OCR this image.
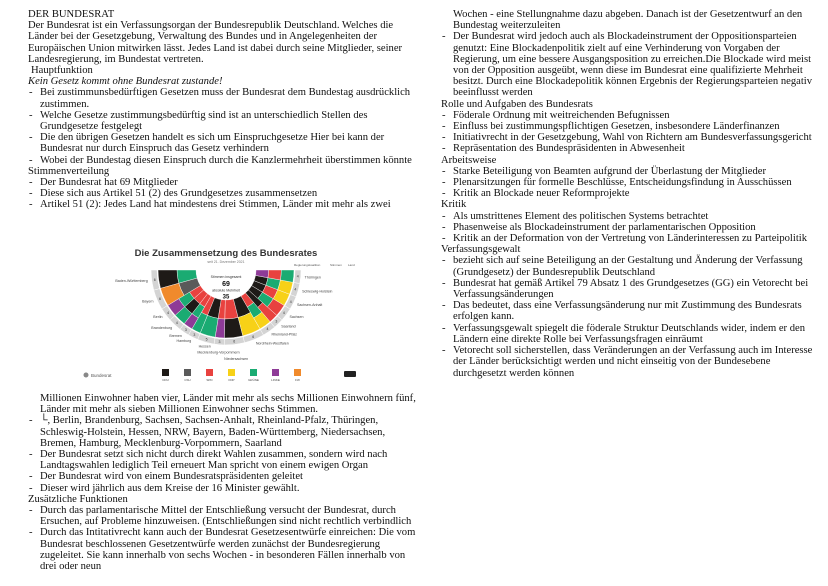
DER BUNDESRAT

Der Bundesrat ist ein Verfassungsorgan der Bundesrepublik Deutschland. Welches die Länder bei der Gesetzgebung, Verwaltung des Bundes und in Angelegenheiten der Europäischen Union mitwirken lässt. Jedes Land ist dabei durch seine Mitglieder, seiner Landesregierung, im Bundestat vertreten.

Hauptfunktion

Kein Gesetz kommt ohne Bundesrat zustande!

- Bei zustimmunsbedürftigen Gesetzen muss der Bundesrat dem Bundestag ausdrücklich zustimmen.

- Welche Gesetze zustimmungsbedürftig sind ist an unterschiedlich Stellen des Grundgesetze festgelegt

- Die den übrigen Gesetzen handelt es sich um Einspruchgesetze Hier bei kann der Bundesrat nur durch Einspruch das Gesetz verhindern

- Wobei der Bundestag diesen Einspruch durch die Kanzlermehrheit überstimmen könnte

Stimmenverteilung

- Der Bundesrat hat 69 Mitglieder

- Diese sich aus Artikel 51 (2) des Grundgesetzes zusammensetzen

- Artikel 51 (2): Jedes Land hat mindestens drei Stimmen, Länder mit mehr als zwei

Die Zusammensetzung des Bundesrates
seit 21. Dezember 2021
6
Baden-Württemberg
6
Bayern
4
Berlin
4
Brandenburg
3
Bremen	3
Hamburg	5
Hessen
3
Mecklenburg-Vorpommern
6
Niedersachsen
6
Nordrhein-Westfalen
4
Rheinland-Pfalz
3
Saarland
4
Sachsen
4
Sachsen-Anhalt
4 Schleswig-Holstein
4 Thüringen
Regierungskoalition	Stimmen Land
Stimmen insgesamt
69
absolute Mehrheit
35
CDU	CSU	SPD	FDP	GRÜNE	LINKE	FW
Bundesrat

Millionen Einwohner haben vier, Länder mit mehr als sechs Millionen Einwohnern fünf, Länder mit mehr als sieben Millionen Einwohner sechs Stimmen.

- └, Berlin, Brandenburg, Sachsen, Sachsen-Anhalt, Rheinland-Pfalz, Thüringen, Schleswig-Holstein, Hessen, NRW, Bayern, Baden-Württemberg, Niedersachsen, Bremen, Hamburg, Mecklenburg-Vorpommern, Saarland

- Der Bundesrat setzt sich nicht durch direkt Wahlen zusammen, sondern wird nach Landtagswahlen lediglich Teil erneuert Man spricht von einem ewigen Organ

- Der Bundesrat wird von einem Bundesratspräsidenten geleitet

- Dieser wird jährlich aus dem Kreise der 16 Minister gewählt.

Zusätzliche Funktionen

- Durch das parlamentarische Mittel der Entschließung versucht der Bundesrat, durch Ersuchen, auf Probleme hinzuweisen. (Entschließungen sind nicht rechtlich verbindlich

- Durch das Intitativrecht kann auch der Bundesrat Gesetzesentwürfe einreichen: Die vom Bundesrat beschlossenen Gesetzentwürfe werden zunächst der Bundesregierung zugeleitet. Sie kann innerhalb von sechs Wochen - in besonderen Fällen innerhalb von drei oder neun

Wochen - eine Stellungnahme dazu abgeben. Danach ist der Gesetzentwurf an den Bundestag weiterzuleiten

- Der Bundesrat wird jedoch auch als Blockadeinstrument der Oppositionsparteien genutzt: Eine Blockadenpolitik zielt auf eine Verhinderung von Vorgaben der Regierung, um eine bessere Ausgangsposition zu erreichen.Die Blockade wird meist von der Opposition ausgeübt, wenn diese im Bundesrat eine qualifizierte Mehrheit besitzt. Durch eine Blockadepolitik können Ergebnis der Regierungsparteien negativ beeinflusst werden

Rolle und Aufgaben des Bundesrats

- Föderale Ordnung mit weitreichenden Befugnissen

- Einfluss bei zustimmungspflichtigen Gesetzen, insbesondere Länderfinanzen

- Initiativrecht in der Gesetzgebung, Wahl von Richtern am Bundesverfassungsgericht

- Repräsentation des Bundespräsidenten in Abwesenheit

Arbeitsweise

- Starke Beteiligung von Beamten aufgrund der Überlastung der Mitglieder

- Plenarsitzungen für formelle Beschlüsse, Entscheidungsfindung in Ausschüssen

- Kritik an Blockade neuer Reformprojekte

Kritik

- Als umstrittenes Element des politischen Systems betrachtet

- Phasenweise als Blockadeinstrument der parlamentarischen Opposition

- Kritik an der Deformation von der Vertretung von Länderinteressen zu Parteipolitik

Verfassungsgewalt

- bezieht sich auf seine Beteiligung an der Gestaltung und Änderung der Verfassung (Grundgesetz) der Bundesrepublik Deutschland

- Bundesrat hat gemäß Artikel 79 Absatz 1 des Grundgesetzes (GG) ein Vetorecht bei Verfassungsänderungen

- Das bedeutet, dass eine Verfassungsänderung nur mit Zustimmung des Bundesrats erfolgen kann.

- Verfassungsgewalt spiegelt die föderale Struktur Deutschlands wider, indem er den Ländern eine direkte Rolle bei Verfassungsfragen einräumt

- Vetorecht soll sicherstellen, dass Veränderungen an der Verfassung auch im Interesse der Länder berücksichtigt werden und nicht einseitig von der Bundesebene durchgesetzt werden können
